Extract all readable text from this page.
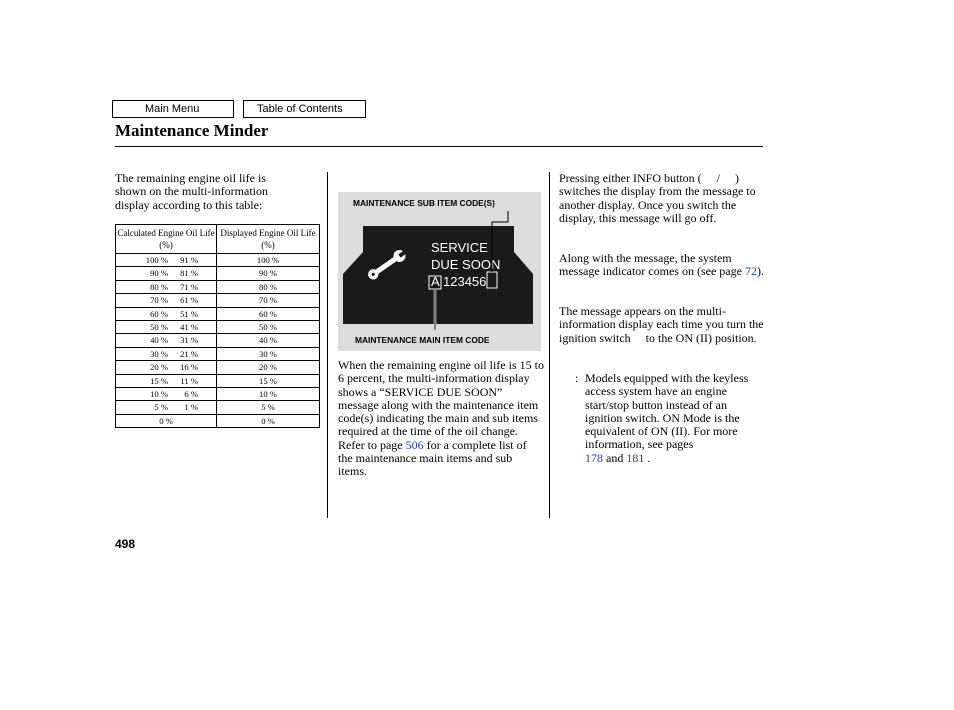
Main Menu	Table of Contents
Maintenance Minder
The remaining engine oil life is shown on the multi-information display according to this table:
Calculated Engine Oil Life (%)	Displayed Engine Oil Life (%)
100 % 91 %	100 %
90 % 81 %	90 %
80 % 71 %	80 %
70 % 61 %	70 %
60 % 51 %	60 %
50 % 41 %	50 %
40 % 31 %	40 %
30 % 21 %	30 %
20 % 16 %	20 %
15 % 11 %	15 %
10 % 6 %	10 %
5 % 1 %	5 %
0 %	0 %
MAINTENANCE SUB ITEM CODE(S)
SERVICE
DUE SOON
A 123456
MAINTENANCE MAIN ITEM CODE
When the remaining engine oil life is 15 to 6 percent, the multi-information display shows a “SERVICE DUE SOON” message along with the maintenance item code(s) indicating the main and sub items required at the time of the oil change. Refer to page 506 for a complete list of the maintenance main items and sub items.
Pressing either INFO button (  /  ) switches the display from the message to another display. Once you switch the display, this message will go off.
Along with the message, the system message indicator comes on (see page 72).
The message appears on the multi-information display each time you turn the ignition switch  to the ON (II) position.
: Models equipped with the keyless access system have an engine start/stop button instead of an ignition switch. ON Mode is the equivalent of ON (II). For more information, see pages
178 and 181 .
498
